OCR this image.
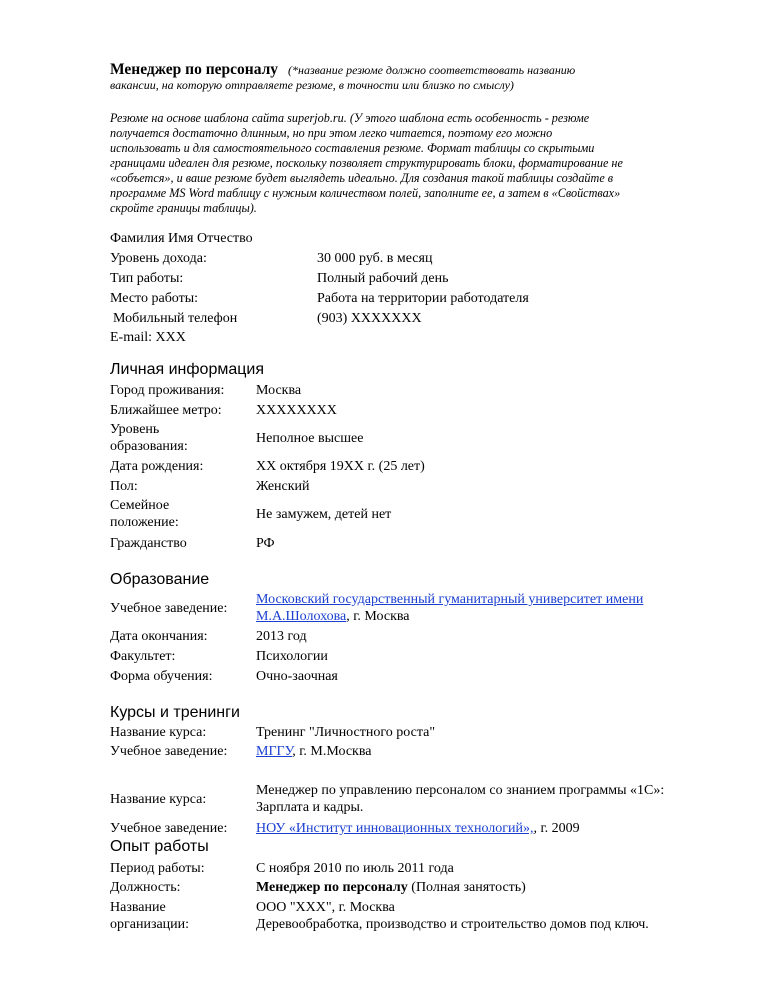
Менеджер по персоналу (*название резюме должно соответствовать названию
вакансии, на которую отправляете резюме, в точности или близко по смыслу)
Резюме на основе шаблона сайта superjob.ru. (У этого шаблона есть особенность - резюме
получается достаточно длинным, но при этом легко читается, поэтому его можно
использовать и для самостоятельного составления резюме. Формат таблицы со скрытыми
границами идеален для резюме, поскольку позволяет структурировать блоки, форматирование не
«собъется», и ваше резюме будет выглядеть идеально. Для создания такой таблицы создайте в
программе MS Word таблицу с нужным количеством полей, заполните ее, а затем в «Свойствах»
скройте границы таблицы).
Фамилия Имя Отчество
Уровень дохода:	30 000 руб. в месяц
Тип работы:	Полный рабочий день
Место работы:	Работа на территории работодателя
Мобильный телефон	(903) XXXXXXX
E-mail: XXX
Личная информация
Город проживания: Москва
Ближайшее метро: XXXXXXXX
Уровень
образования:
Неполное высшее
Дата рождения:	XX октября 19XX г. (25 лет)
Пол:	Женский
Семейное
положение:
Не замужем, детей нет
Гражданство	РФ
Образование
Учебное заведение:
Московский государственный гуманитарный университет имени
М.А.Шолохова, г. Москва
Дата окончания:	2013 год
Факультет:	Психологии
Форма обучения:	Очно-заочная
Курсы и тренинги
Название курса:	Тренинг "Личностного роста"
Учебное заведение: МГГУ, г. М.Москва
Название курса:
Менеджер по управлению персоналом со знанием программы «1С»:
Зарплата и кадры.
Учебное заведение: НОУ «Институт инновационных технологий»,, г. 2009
Опыт работы
Период работы:	С ноября 2010 по июль 2011 года
Должность:	Менеджер по персоналу (Полная занятость)
Название
организации:
ООО "XXX", г. Москва
Деревообработка, производство и строительство домов под ключ.
